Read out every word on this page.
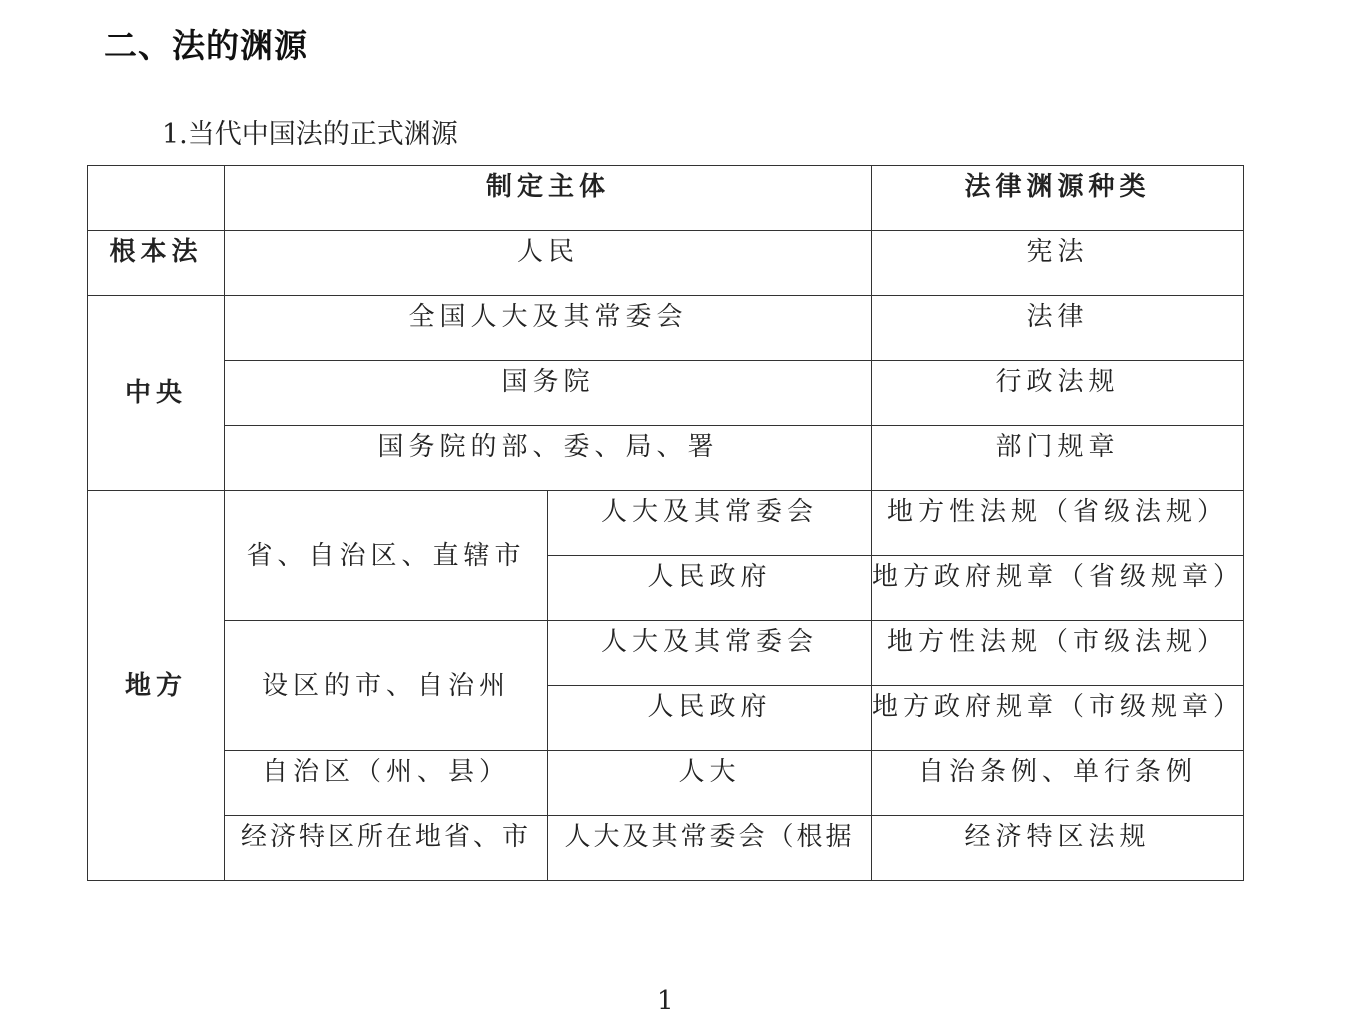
二、法的渊源
1.当代中国法的正式渊源
	制定主体		法律渊源种类
根本法	人民		宪法
中央	全国人大及其常委会		法律
	国务院		行政法规
	国务院的部、委、局、署		部门规章
地方	省、自治区、直辖市	人大及其常委会	地方性法规（省级法规）
		人民政府	地方政府规章（省级规章）
	设区的市、自治州	人大及其常委会	地方性法规（市级法规）
		人民政府	地方政府规章（市级规章）
	自治区（州、县）	人大	自治条例、单行条例
	经济特区所在地省、市	人大及其常委会（根据	经济特区法规
1
